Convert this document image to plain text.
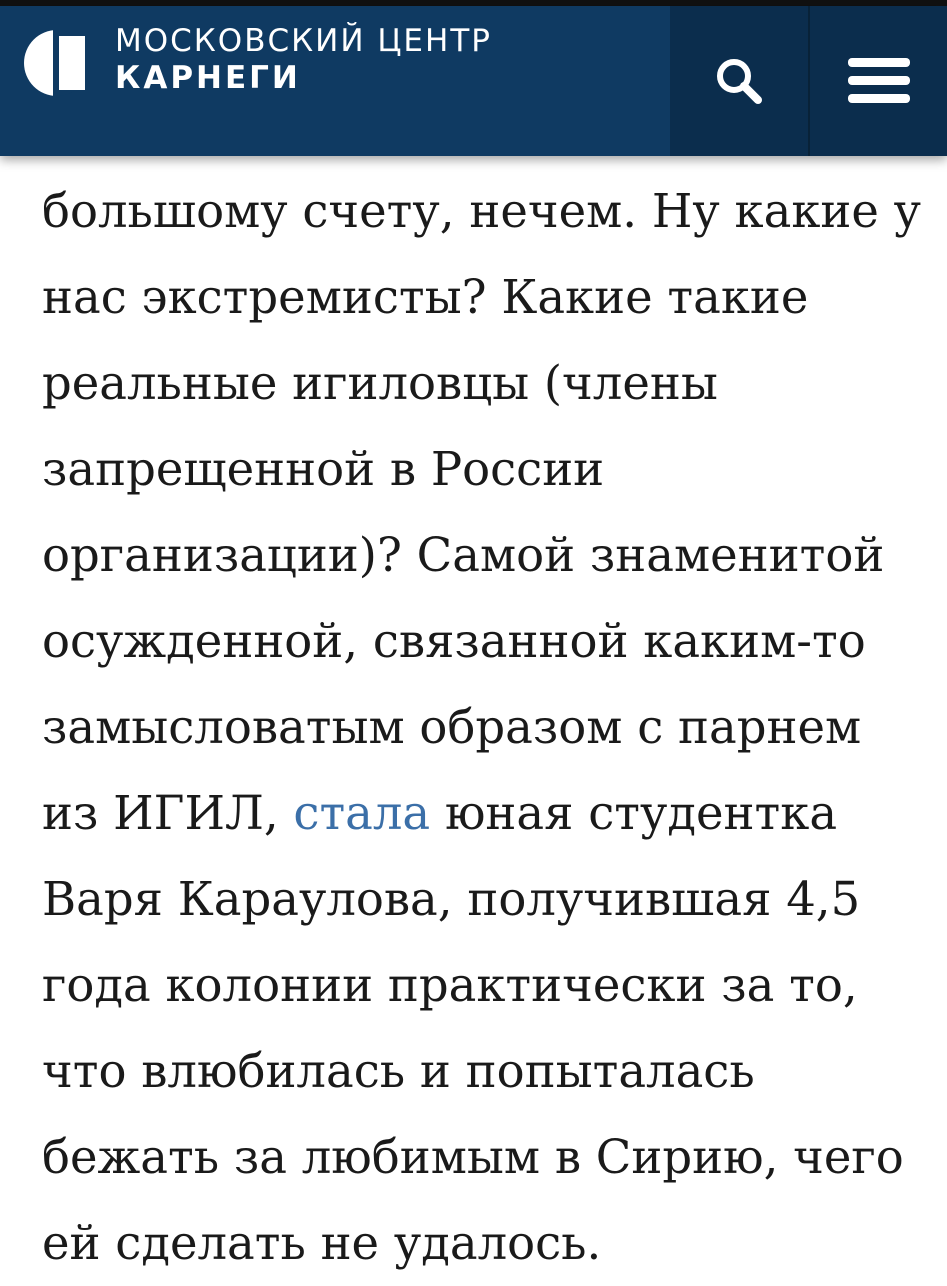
МОСКОВСКИЙ ЦЕНТР
КАРНЕГИ

большому счету, нечем. Ну какие у нас экстремисты? Какие такие реальные игиловцы (члены запрещенной в России организации)? Самой знаменитой осужденной, связанной каким-то замысловатым образом с парнем из ИГИЛ, стала юная студентка Варя Караулова, получившая 4,5 года колонии практически за то, что влюбилась и попыталась бежать за любимым в Сирию, чего ей сделать не удалось.
